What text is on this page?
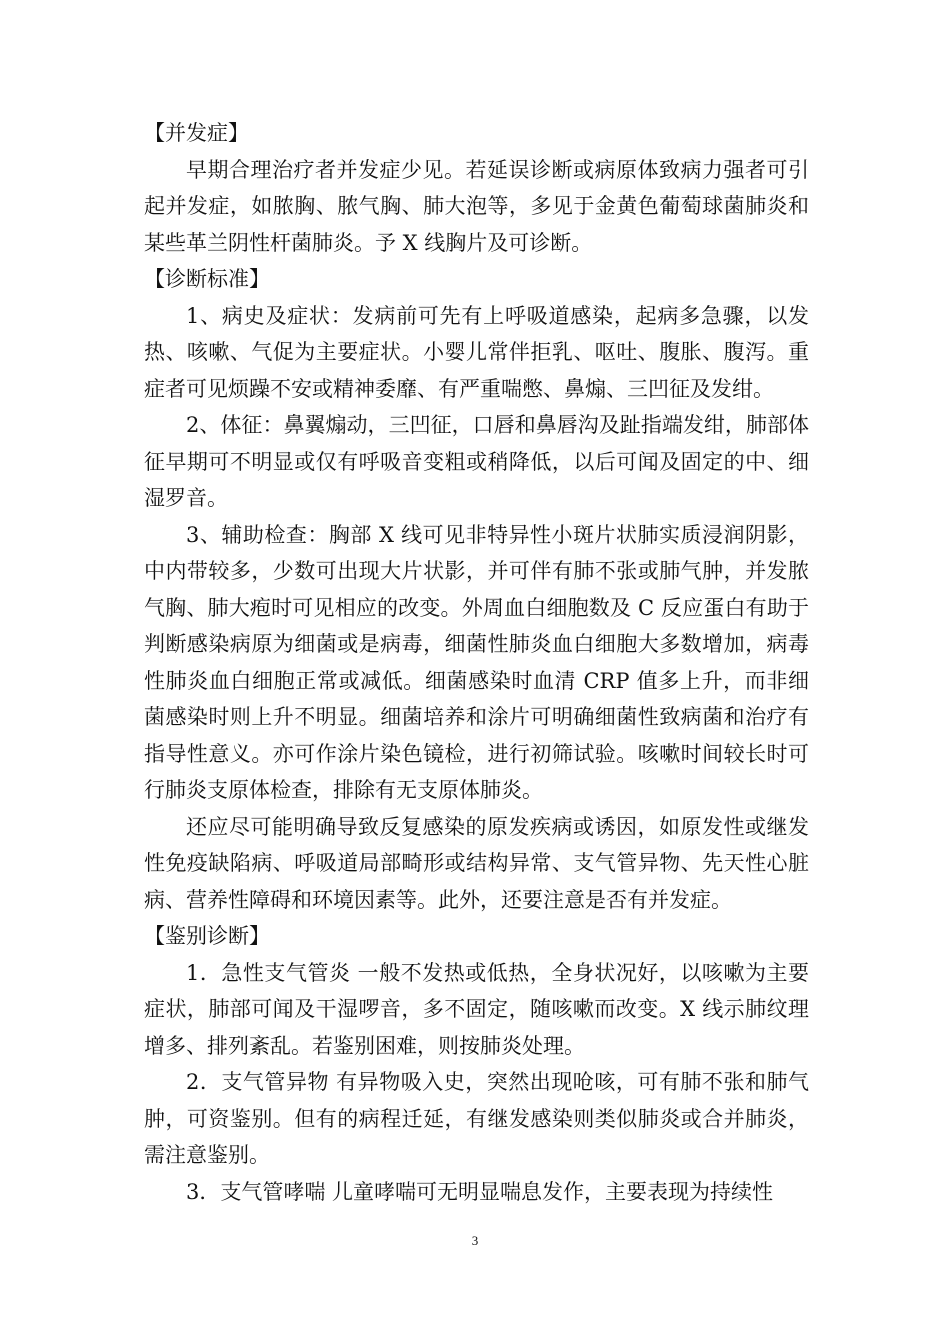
【并发症】

早期合理治疗者并发症少见。若延误诊断或病原体致病力强者可引起并发症，如脓胸、脓气胸、肺大泡等，多见于金黄色葡萄球菌肺炎和某些革兰阴性杆菌肺炎。予 X 线胸片及可诊断。

【诊断标准】

1、病史及症状：发病前可先有上呼吸道感染，起病多急骤，以发热、咳嗽、气促为主要症状。小婴儿常伴拒乳、呕吐、腹胀、腹泻。重症者可见烦躁不安或精神委靡、有严重喘憋、鼻煽、三凹征及发绀。

2、体征：鼻翼煽动，三凹征，口唇和鼻唇沟及趾指端发绀，肺部体征早期可不明显或仅有呼吸音变粗或稍降低，以后可闻及固定的中、细湿罗音。

3、辅助检查：胸部 X 线可见非特异性小斑片状肺实质浸润阴影，中内带较多，少数可出现大片状影，并可伴有肺不张或肺气肿，并发脓气胸、肺大疱时可见相应的改变。外周血白细胞数及 C 反应蛋白有助于判断感染病原为细菌或是病毒，细菌性肺炎血白细胞大多数增加，病毒性肺炎血白细胞正常或减低。细菌感染时血清 CRP 值多上升，而非细菌感染时则上升不明显。细菌培养和涂片可明确细菌性致病菌和治疗有指导性意义。亦可作涂片染色镜检，进行初筛试验。咳嗽时间较长时可行肺炎支原体检查，排除有无支原体肺炎。

还应尽可能明确导致反复感染的原发疾病或诱因，如原发性或继发性免疫缺陷病、呼吸道局部畸形或结构异常、支气管异物、先天性心脏病、营养性障碍和环境因素等。此外，还要注意是否有并发症。

【鉴别诊断】

1．急性支气管炎 一般不发热或低热，全身状况好，以咳嗽为主要症状，肺部可闻及干湿啰音，多不固定，随咳嗽而改变。X 线示肺纹理增多、排列紊乱。若鉴别困难，则按肺炎处理。

2．支气管异物 有异物吸入史，突然出现呛咳，可有肺不张和肺气肿，可资鉴别。但有的病程迁延，有继发感染则类似肺炎或合并肺炎，需注意鉴别。

3．支气管哮喘 儿童哮喘可无明显喘息发作，主要表现为持续性

3
